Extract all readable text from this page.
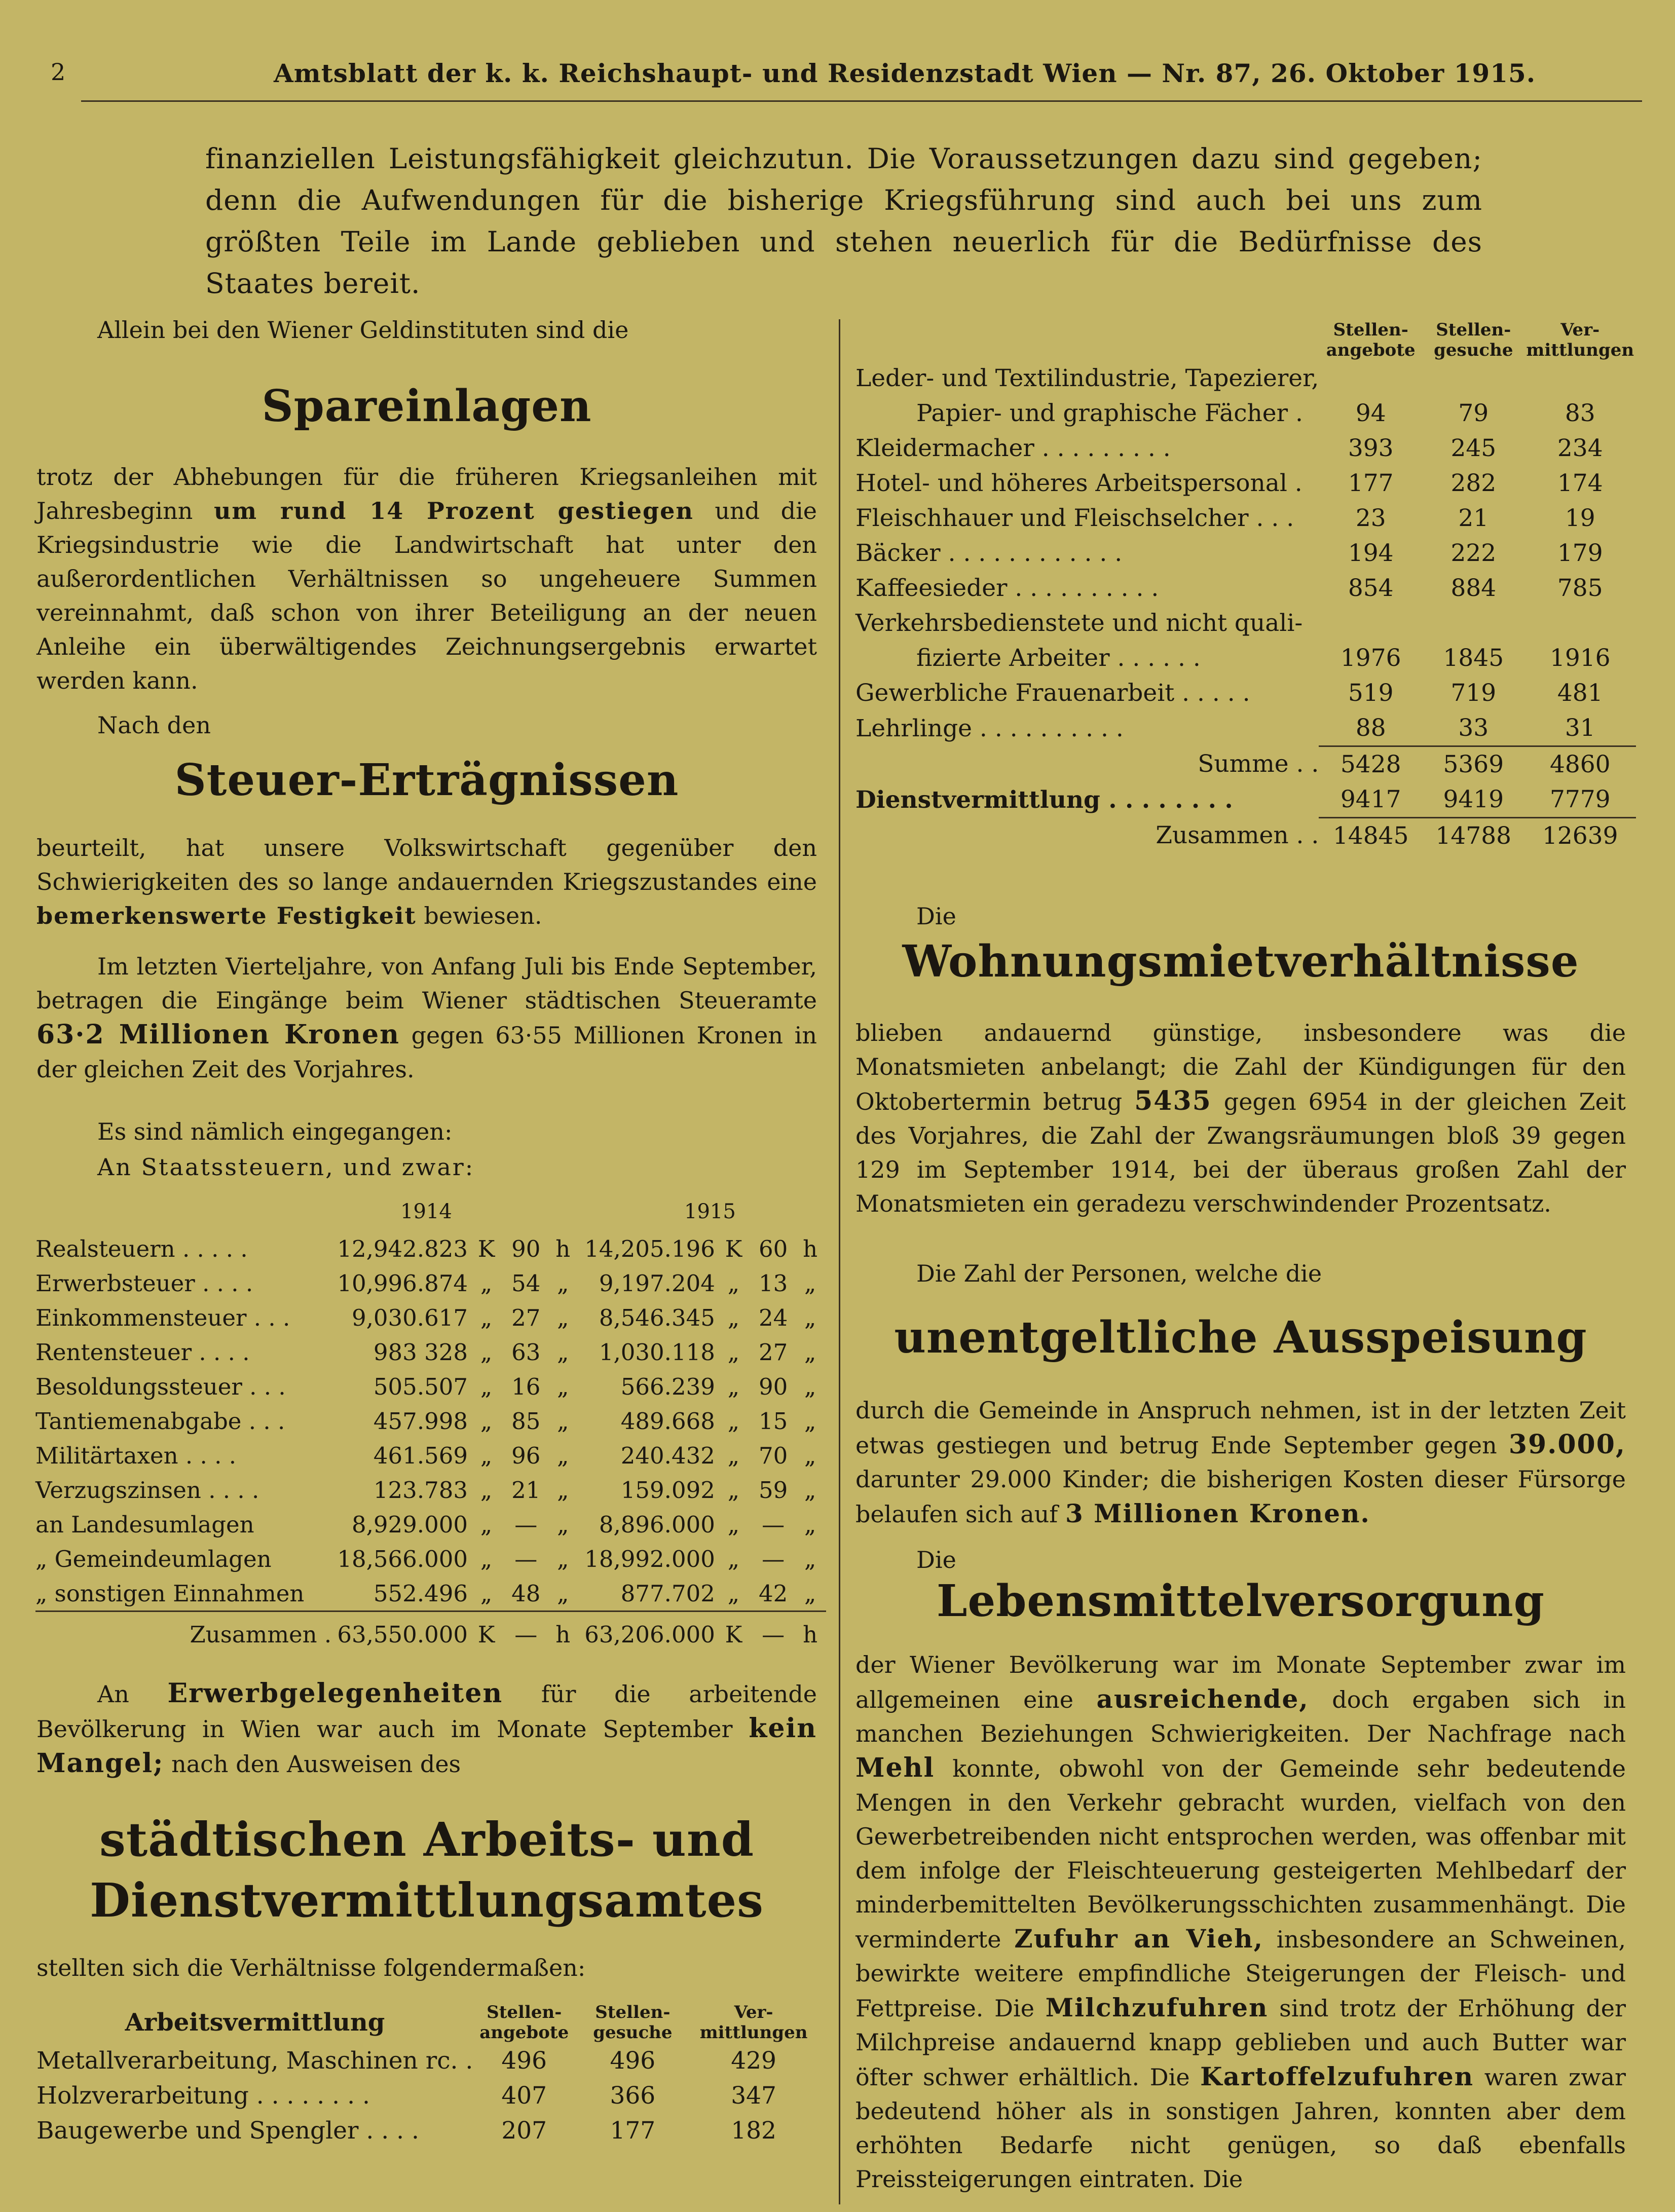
2	Amtsblatt der k. k. Reichshaupt- und Residenzstadt Wien — Nr. 87, 26. Oktober 1915.
finanziellen Leistungsfähigkeit gleichzutun. Die Voraussetzungen dazu sind gegeben; denn die Aufwendungen für die bisherige Kriegsführung sind auch bei uns zum größten Teile im Lande geblieben und stehen neuerlich für die Bedürfnisse des Staates bereit.
Allein bei den Wiener Geldinstituten sind die
Spareinlagen
trotz der Abhebungen für die früheren Kriegsanleihen mit Jahresbeginn um rund 14 Prozent gestiegen und die Kriegsindustrie wie die Landwirtschaft hat unter den außerordentlichen Verhältnissen so ungeheuere Summen vereinnahmt, daß schon von ihrer Beteiligung an der neuen Anleihe ein überwältigendes Zeichnungsergebnis erwartet werden kann.
Nach den
Steuer-Erträgnissen
beurteilt, hat unsere Volkswirtschaft gegenüber den Schwierigkeiten des so lange andauernden Kriegszustandes eine bemerkenswerte Festigkeit bewiesen.
Im letzten Vierteljahre, von Anfang Juli bis Ende September, betragen die Eingänge beim Wiener städtischen Steueramte 63·2 Millionen Kronen gegen 63·55 Millionen Kronen in der gleichen Zeit des Vorjahres.
Es sind nämlich eingegangen:
An Staatssteuern, und zwar:
1914	1915
Realsteuern . . . . .	12,942.823	K	90	h	14,205.196	K	60	h
Erwerbsteuer . . . .	10,996.874	„	54	„	9,197.204	„	13	„
Einkommensteuer . . .	9,030.617	„	27	„	8,546.345	„	24	„
Rentensteuer . . . .	983 328	„	63	„	1,030.118	„	27	„
Besoldungssteuer . . .	505.507	„	16	„	566.239	„	90	„
Tantiemenabgabe . . .	457.998	„	85	„	489.668	„	15	„
Militärtaxen . . . .	461.569	„	96	„	240.432	„	70	„
Verzugszinsen . . . .	123.783	„	21	„	159.092	„	59	„
an Landesumlagen	8,929.000	„	—	„	8,896.000	„	—	„
„ Gemeindeumlagen	18,566.000	„	—	„	18,992.000	„	—	„
„ sonstigen Einnahmen	552.496	„	48	„	877.702	„	42	„
Zusammen .	63,550.000	K	—	h	63,206.000	K	—	h
An Erwerbgelegenheiten für die arbeitende Bevölkerung in Wien war auch im Monate September kein Mangel; nach den Ausweisen des
städtischen Arbeits- und Dienstvermittlungsamtes
stellten sich die Verhältnisse folgendermaßen:
Arbeitsvermittlung	Stellen-angebote	Stellen-gesuche	Ver-mittlungen
Metallverarbeitung, Maschinen rc. .	496	496	429
Holzverarbeitung . . . . . . . .	407	366	347
Baugewerbe und Spengler . . . .	207	177	182
	Stellen-angebote	Stellen-gesuche	Ver-mittlungen
Leder- und Textilindustrie, Tapezierer,			
Papier- und graphische Fächer .	94	79	83
Kleidermacher . . . . . . . . .	393	245	234
Hotel- und höheres Arbeitspersonal .	177	282	174
Fleischhauer und Fleischselcher . . .	23	21	19
Bäcker . . . . . . . . . . . .	194	222	179
Kaffeesieder . . . . . . . . . .	854	884	785
Verkehrsbedienstete und nicht quali-			
fizierte Arbeiter . . . . . .	1976	1845	1916
Gewerbliche Frauenarbeit . . . . .	519	719	481
Lehrlinge . . . . . . . . . .	88	33	31
Summe . .	5428	5369	4860
Dienstvermittlung . . . . . . . .	9417	9419	7779
Zusammen . .	14845	14788	12639
Die
Wohnungsmietverhältnisse
blieben andauernd günstige, insbesondere was die Monatsmieten anbelangt; die Zahl der Kündigungen für den Oktobertermin betrug 5435 gegen 6954 in der gleichen Zeit des Vorjahres, die Zahl der Zwangsräumungen bloß 39 gegen 129 im September 1914, bei der überaus großen Zahl der Monatsmieten ein geradezu verschwindender Prozentsatz.
Die Zahl der Personen, welche die
unentgeltliche Ausspeisung
durch die Gemeinde in Anspruch nehmen, ist in der letzten Zeit etwas gestiegen und betrug Ende September gegen 39.000, darunter 29.000 Kinder; die bisherigen Kosten dieser Fürsorge belaufen sich auf 3 Millionen Kronen.
Die
Lebensmittelversorgung
der Wiener Bevölkerung war im Monate September zwar im allgemeinen eine ausreichende, doch ergaben sich in manchen Beziehungen Schwierigkeiten. Der Nachfrage nach Mehl konnte, obwohl von der Gemeinde sehr bedeutende Mengen in den Verkehr gebracht wurden, vielfach von den Gewerbetreibenden nicht entsprochen werden, was offenbar mit dem infolge der Fleischteuerung gesteigerten Mehlbedarf der minderbemittelten Bevölkerungsschichten zusammenhängt. Die verminderte Zufuhr an Vieh, insbesondere an Schweinen, bewirkte weitere empfindliche Steigerungen der Fleisch- und Fettpreise. Die Milchzufuhren sind trotz der Erhöhung der Milchpreise andauernd knapp geblieben und auch Butter war öfter schwer erhältlich. Die Kartoffelzufuhren waren zwar bedeutend höher als in sonstigen Jahren, konnten aber dem erhöhten Bedarfe nicht genügen, so daß ebenfalls Preissteigerungen eintraten. Die
